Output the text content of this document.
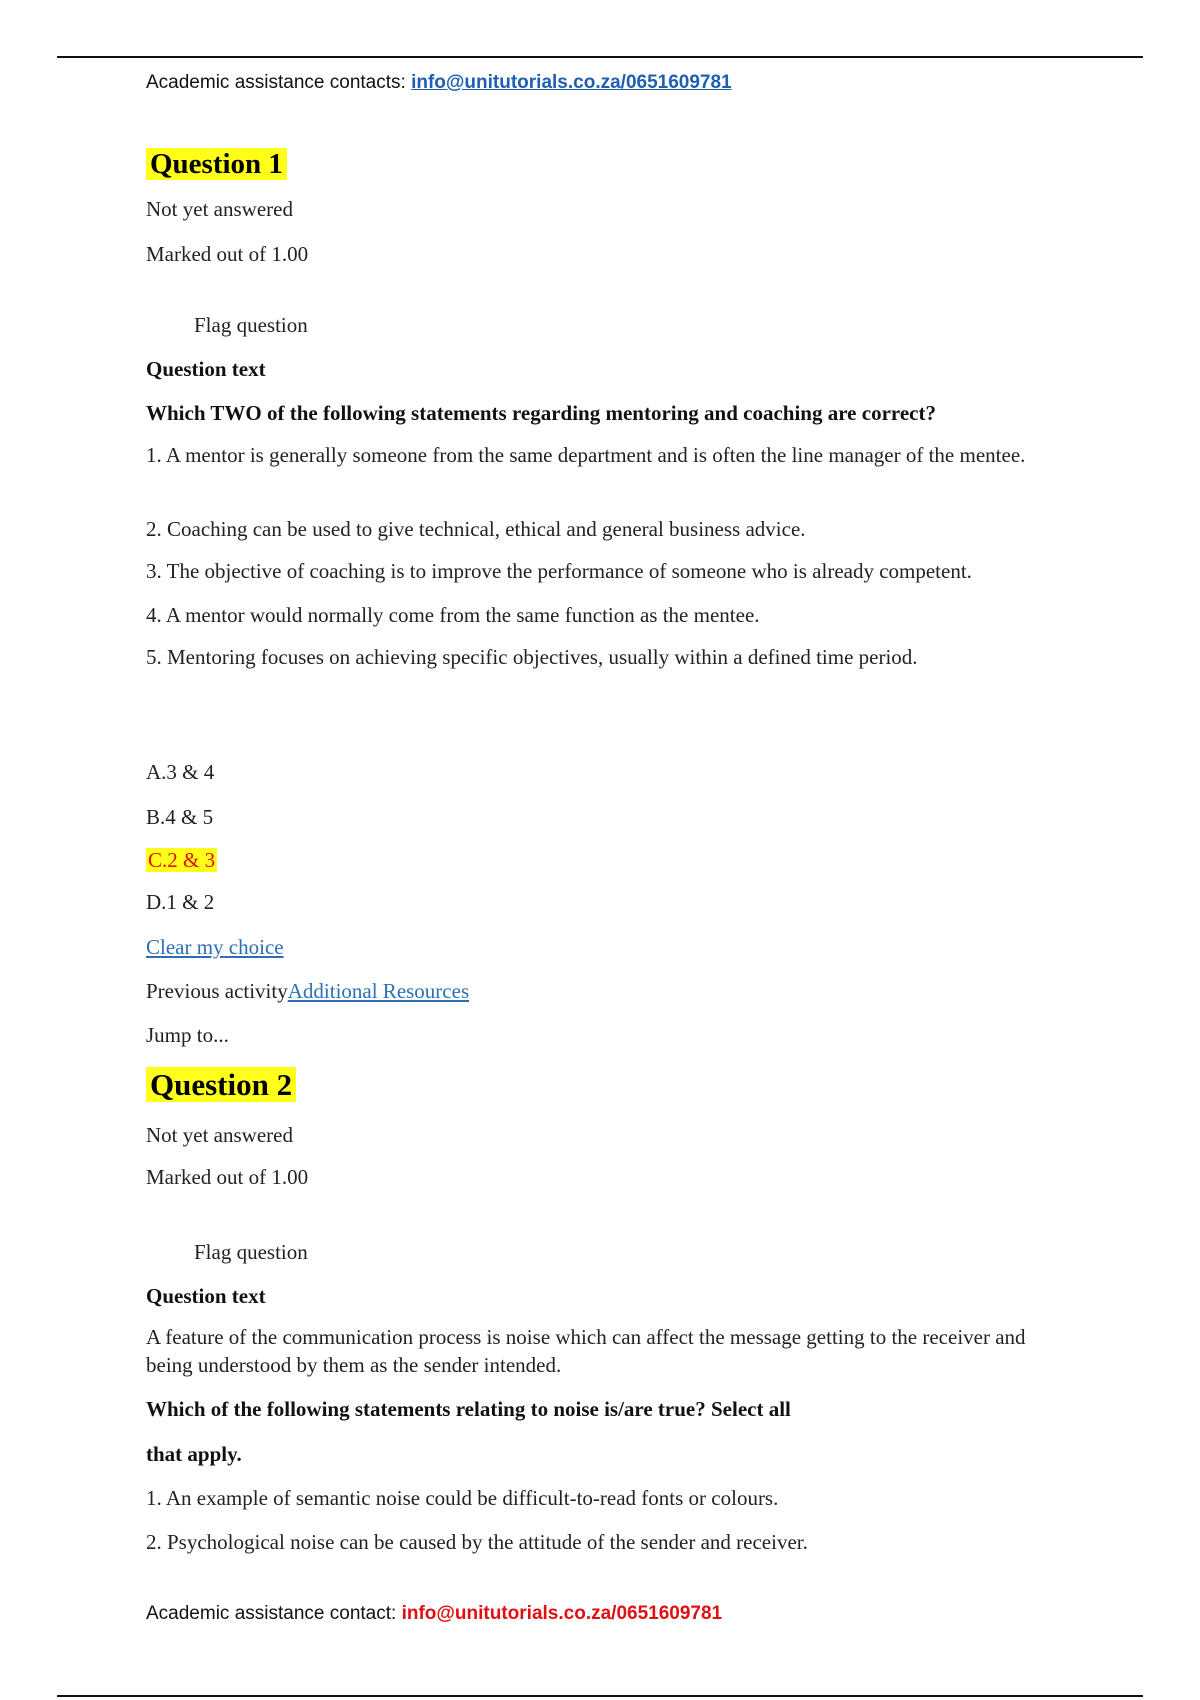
Academic assistance contacts: info@unitutorials.co.za/0651609781
Question 1
Not yet answered
Marked out of 1.00
Flag question
Question text
Which TWO of the following statements regarding mentoring and coaching are correct?
1. A mentor is generally someone from the same department and is often the line manager of the mentee.
2. Coaching can be used to give technical, ethical and general business advice.
3. The objective of coaching is to improve the performance of someone who is already competent.
4. A mentor would normally come from the same function as the mentee.
5. Mentoring focuses on achieving specific objectives, usually within a defined time period.
A.3 & 4
B.4 & 5
C.2 & 3
D.1 & 2
Clear my choice
Previous activityAdditional Resources
Jump to...
Question 2
Not yet answered
Marked out of 1.00
Flag question
Question text
A feature of the communication process is noise which can affect the message getting to the receiver and being understood by them as the sender intended.
Which of the following statements relating to noise is/are true? Select all
that apply.
1. An example of semantic noise could be difficult-to-read fonts or colours.
2. Psychological noise can be caused by the attitude of the sender and receiver.
Academic assistance contact: info@unitutorials.co.za/0651609781
